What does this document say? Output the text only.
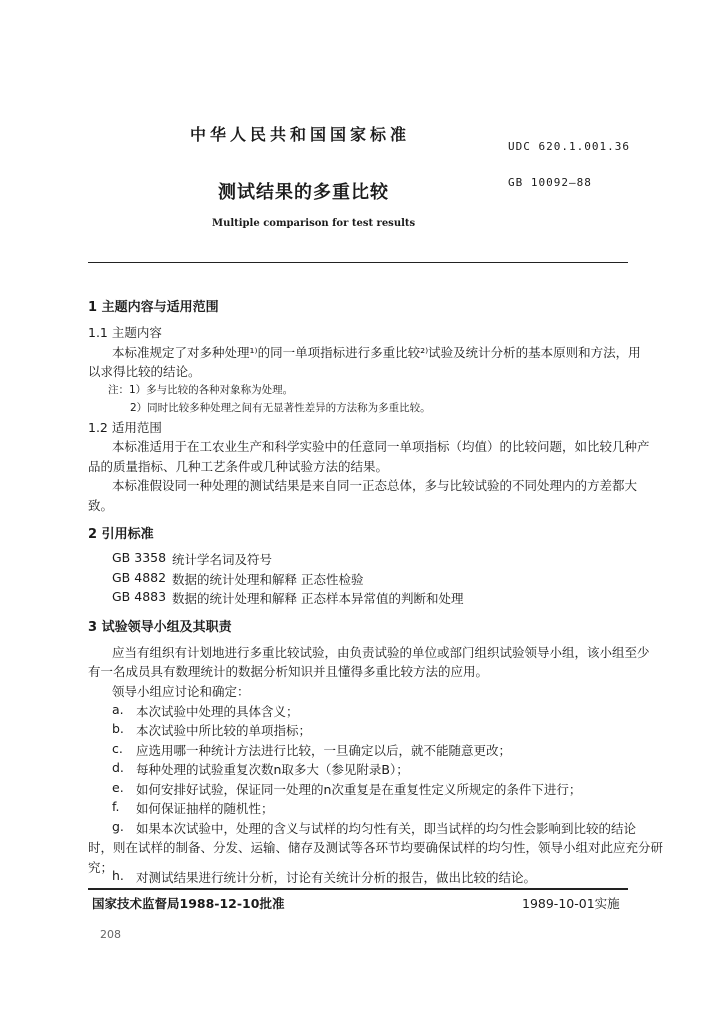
中华人民共和国国家标准
UDC 620.1.001.36
测试结果的多重比较	GB 10092—88
Multiple comparison for test results
1 主题内容与适用范围
1.1 主题内容
本标准规定了对多种处理¹⁾的同一单项指标进行多重比较²⁾试验及统计分析的基本原则和方法，用
以求得比较的结论。
注：1）多与比较的各种对象称为处理。
2）同时比较多种处理之间有无显著性差异的方法称为多重比较。
1.2 适用范围
本标准适用于在工农业生产和科学实验中的任意同一单项指标（均值）的比较问题，如比较几种产
品的质量指标、几种工艺条件或几种试验方法的结果。
本标准假设同一种处理的测试结果是来自同一正态总体，多与比较试验的不同处理内的方差都大
致。
2 引用标准
GB 3358 统计学名词及符号
GB 4882 数据的统计处理和解释 正态性检验
GB 4883 数据的统计处理和解释 正态样本异常值的判断和处理
3 试验领导小组及其职责
应当有组织有计划地进行多重比较试验，由负责试验的单位或部门组织试验领导小组，该小组至少
有一名成员具有数理统计的数据分析知识并且懂得多重比较方法的应用。
领导小组应讨论和确定：
a. 本次试验中处理的具体含义；
b. 本次试验中所比较的单项指标；
c. 应选用哪一种统计方法进行比较，一旦确定以后，就不能随意更改；
d. 每种处理的试验重复次数n取多大（参见附录B）；
e. 如何安排好试验，保证同一处理的n次重复是在重复性定义所规定的条件下进行；
f. 如何保证抽样的随机性；
g. 如果本次试验中，处理的含义与试样的均匀性有关，即当试样的均匀性会影响到比较的结论
时，则在试样的制备、分发、运输、储存及测试等各环节均要确保试样的均匀性，领导小组对此应充分研
究；
h. 对测试结果进行统计分析，讨论有关统计分析的报告，做出比较的结论。
国家技术监督局1988-12-10批准	1989-10-01实施
208
